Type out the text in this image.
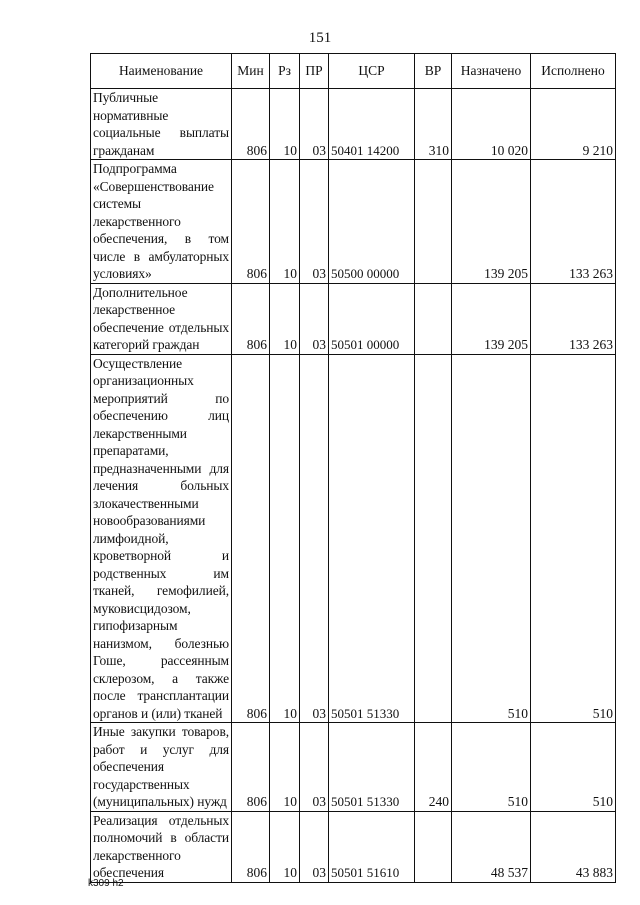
151
Наименование	Мин	Рз	ПР	ЦСР	ВР	Назначено	Исполнено
Публичные нормативные социальные выплаты гражданам	806	10	03	50401 14200	310	10 020	9 210
Подпрограмма «Совершенствование системы лекарственного обеспечения, в том числе в амбулаторных условиях»	806	10	03	50500 00000		139 205	133 263
Дополнительное лекарственное обеспечение отдельных категорий граждан	806	10	03	50501 00000		139 205	133 263
Осуществление организационных мероприятий по обеспечению лиц лекарственными препаратами, предназначенными для лечения больных злокачественными новообразованиями лимфоидной, кроветворной и родственных им тканей, гемофилией, муковисцидозом, гипофизарным нанизмом, болезнью Гоше, рассеянным склерозом, а также после трансплантации органов и (или) тканей	806	10	03	50501 51330		510	510
Иные закупки товаров, работ и услуг для обеспечения государственных (муниципальных) нужд	806	10	03	50501 51330	240	510	510
Реализация отдельных полномочий в области лекарственного обеспечения	806	10	03	50501 51610		48 537	43 883
k309 h2
